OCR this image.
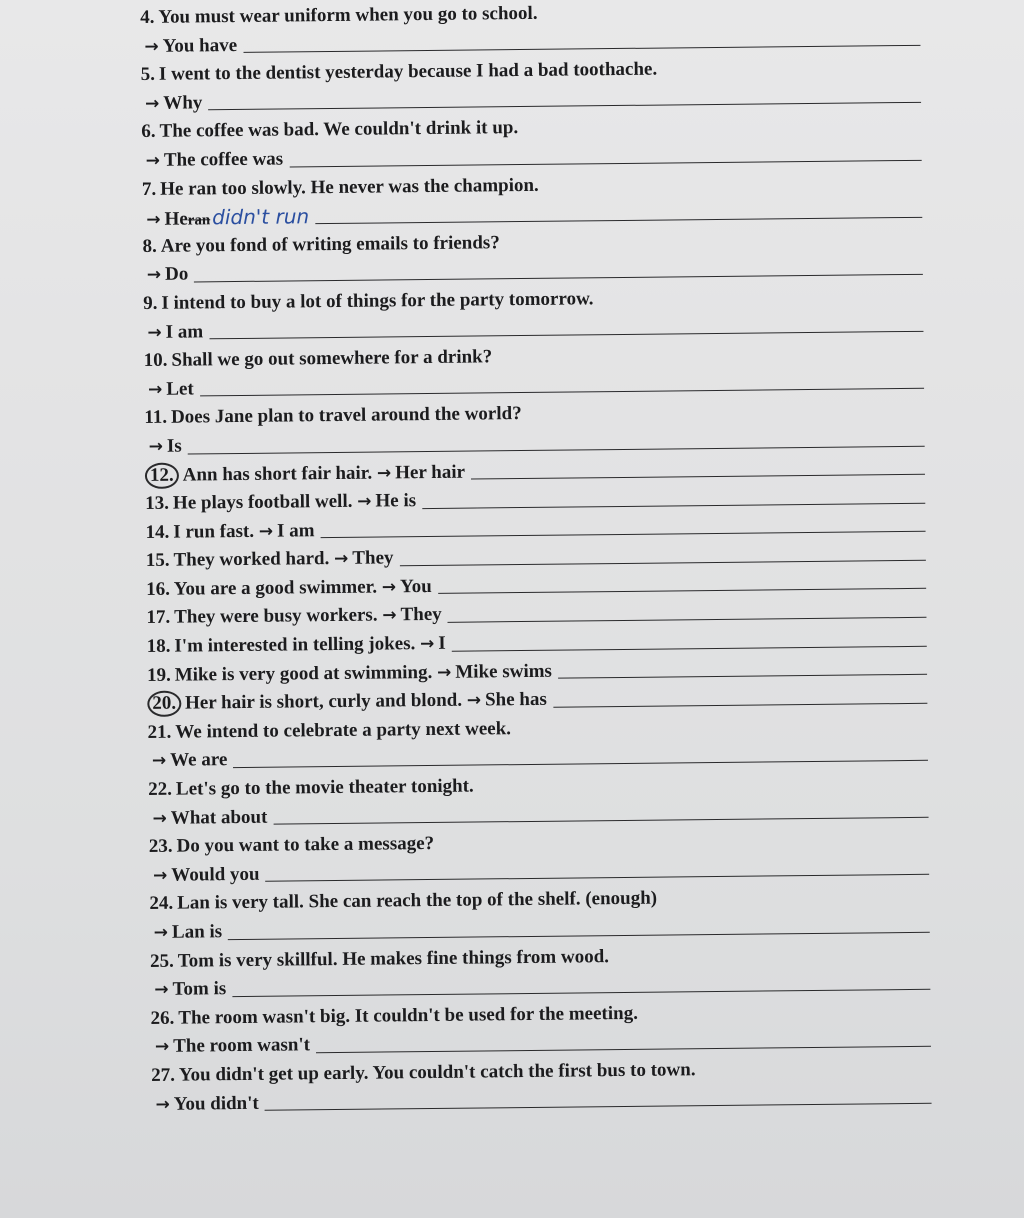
4. You must wear uniform when you go to school.
→ You have
5. I went to the dentist yesterday because I had a bad toothache.
→ Why
6. The coffee was bad. We couldn't drink it up.
→ The coffee was
7. He ran too slowly. He never was the champion.
→ He ran didn't run
8. Are you fond of writing emails to friends?
→ Do
9. I intend to buy a lot of things for the party tomorrow.
→ I am
10. Shall we go out somewhere for a drink?
→ Let
11. Does Jane plan to travel around the world?
→ Is
12. Ann has short fair hair. → Her hair
13. He plays football well. → He is
14. I run fast. → I am
15. They worked hard. → They
16. You are a good swimmer. → You
17. They were busy workers. → They
18. I'm interested in telling jokes. → I
19. Mike is very good at swimming. → Mike swims
20. Her hair is short, curly and blond. → She has
21. We intend to celebrate a party next week.
→ We are
22. Let's go to the movie theater tonight.
→ What about
23. Do you want to take a message?
→ Would you
24. Lan is very tall. She can reach the top of the shelf. (enough)
→ Lan is
25. Tom is very skillful. He makes fine things from wood.
→ Tom is
26. The room wasn't big. It couldn't be used for the meeting.
→ The room wasn't
27. You didn't get up early. You couldn't catch the first bus to town.
→ You didn't
